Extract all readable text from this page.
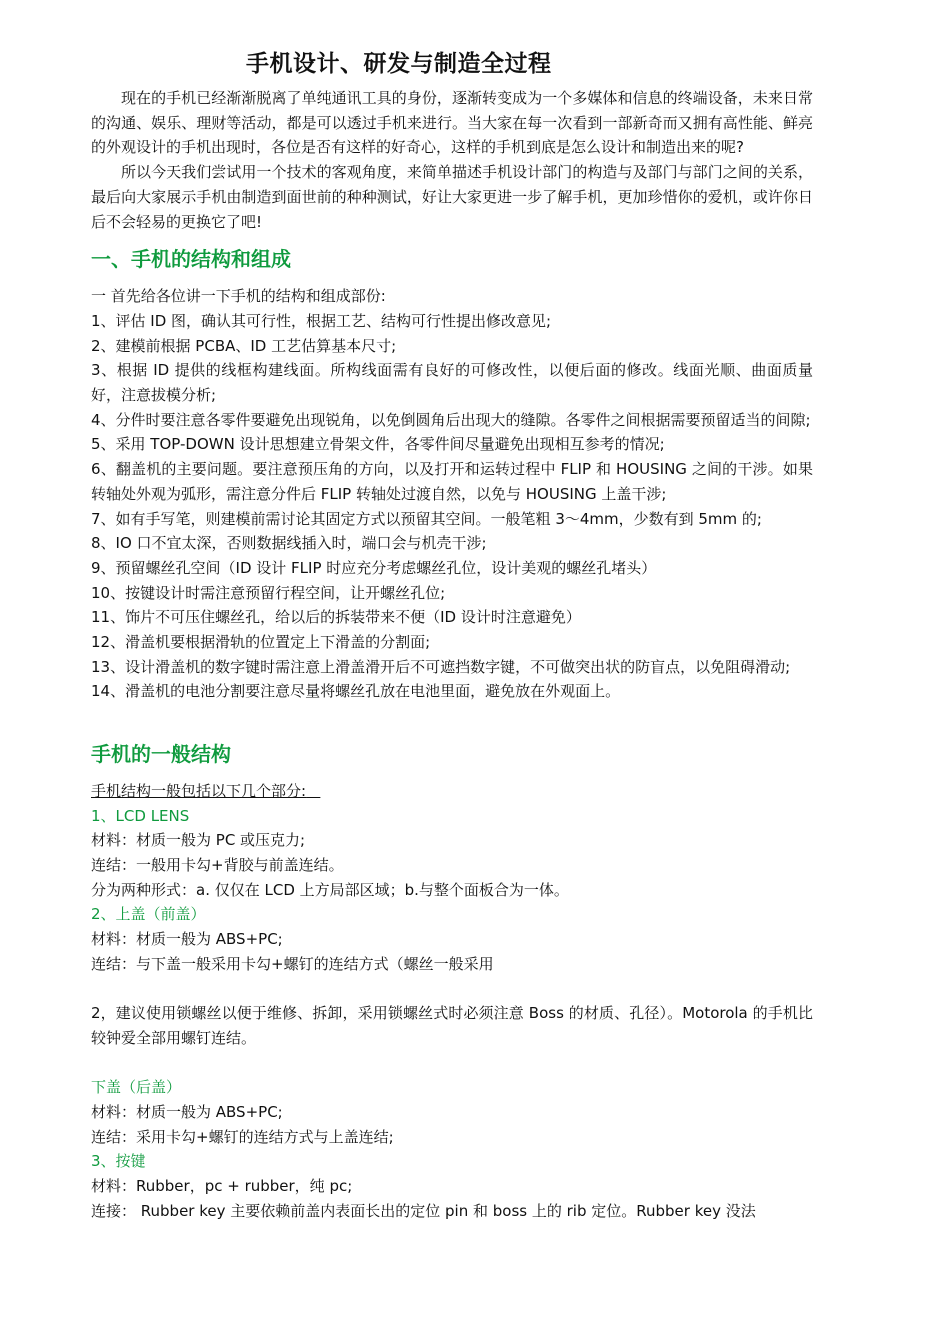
手机设计、研发与制造全过程

现在的手机已经渐渐脱离了单纯通讯工具的身份，逐渐转变成为一个多媒体和信息的终端设备，未来日常的沟通、娱乐、理财等活动，都是可以透过手机来进行。当大家在每一次看到一部新奇而又拥有高性能、鲜亮的外观设计的手机出现时，各位是否有这样的好奇心，这样的手机到底是怎么设计和制造出来的呢?

所以今天我们尝试用一个技术的客观角度，来简单描述手机设计部门的构造与及部门与部门之间的关系，最后向大家展示手机由制造到面世前的种种测试，好让大家更进一步了解手机，更加珍惜你的爱机，或许你日后不会轻易的更换它了吧!

一、手机的结构和组成

一 首先给各位讲一下手机的结构和组成部份:

1、评估 ID 图，确认其可行性，根据工艺、结构可行性提出修改意见;

2、建模前根据 PCBA、ID 工艺估算基本尺寸;

3、根据 ID 提供的线框构建线面。所构线面需有良好的可修改性，以便后面的修改。线面光顺、曲面质量好，注意拔模分析;

4、分件时要注意各零件要避免出现锐角，以免倒圆角后出现大的缝隙。各零件之间根据需要预留适当的间隙;

5、采用 TOP-DOWN 设计思想建立骨架文件，各零件间尽量避免出现相互参考的情况;

6、翻盖机的主要问题。要注意预压角的方向，以及打开和运转过程中 FLIP 和 HOUSING 之间的干涉。如果转轴处外观为弧形，需注意分件后 FLIP 转轴处过渡自然，以免与 HOUSING 上盖干涉;

7、如有手写笔，则建模前需讨论其固定方式以预留其空间。一般笔粗 3～4mm，少数有到 5mm 的;

8、IO 口不宜太深，否则数据线插入时，端口会与机壳干涉;

9、预留螺丝孔空间（ID 设计 FLIP 时应充分考虑螺丝孔位，设计美观的螺丝孔堵头）

10、按键设计时需注意预留行程空间，让开螺丝孔位;

11、饰片不可压住螺丝孔，给以后的拆装带来不便（ID 设计时注意避免）

12、滑盖机要根据滑轨的位置定上下滑盖的分割面;

13、设计滑盖机的数字键时需注意上滑盖滑开后不可遮挡数字键，不可做突出状的防盲点，以免阻碍滑动;

14、滑盖机的电池分割要注意尽量将螺丝孔放在电池里面，避免放在外观面上。

手机的一般结构

手机结构一般包括以下几个部分:

1、LCD LENS

材料：材质一般为 PC 或压克力;

连结：一般用卡勾+背胶与前盖连结。

分为两种形式：a. 仅仅在 LCD 上方局部区域；b.与整个面板合为一体。

2、上盖（前盖）

材料：材质一般为 ABS+PC;

连结：与下盖一般采用卡勾+螺钉的连结方式（螺丝一般采用

2，建议使用锁螺丝以便于维修、拆卸，采用锁螺丝式时必须注意 Boss 的材质、孔径）。Motorola 的手机比较钟爱全部用螺钉连结。

下盖（后盖）

材料：材质一般为 ABS+PC;

连结：采用卡勾+螺钉的连结方式与上盖连结;

3、按键

材料：Rubber，pc + rubber，纯 pc;

连接： Rubber key 主要依赖前盖内表面长出的定位 pin 和 boss 上的 rib 定位。Rubber key 没法
